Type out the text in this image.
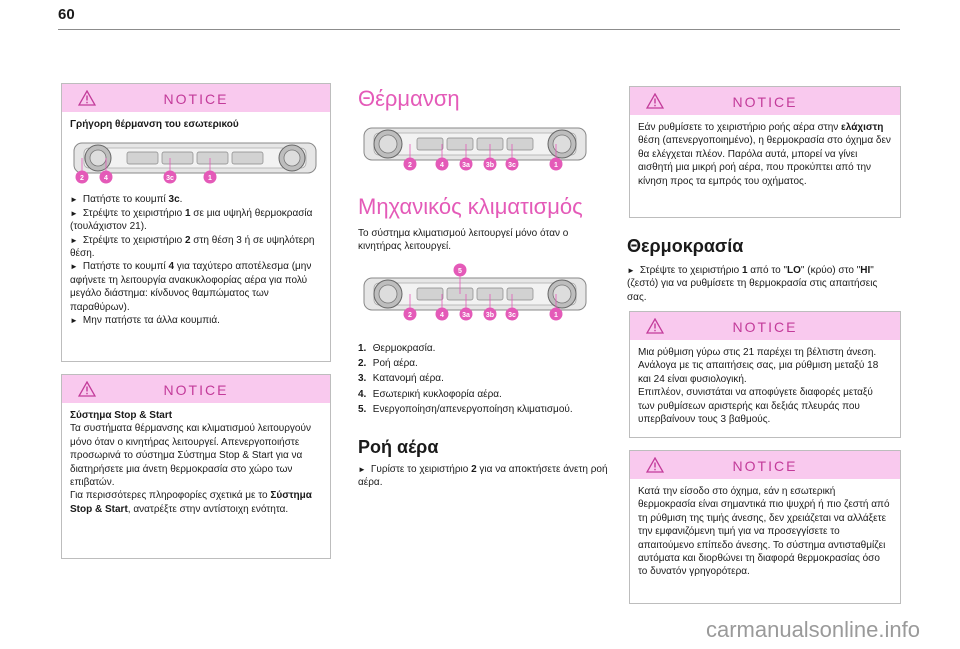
60
NOTICE

Γρήγορη θέρμανση του εσωτερικού

2	4	3c	1

► Πατήστε το κουμπί 3c.

► Στρέψτε το χειριστήριο 1 σε μια υψηλή θερμοκρασία (τουλάχιστον 21).

► Στρέψτε το χειριστήριο 2 στη θέση 3 ή σε υψηλότερη θέση.

► Πατήστε το κουμπί 4 για ταχύτερο αποτέλεσμα (μην αφήνετε τη λειτουργία ανακυκλοφορίας αέρα για πολύ μεγάλο διάστημα: κίνδυνος θαμπώματος των παραθύρων).

► Μην πατήστε τα άλλα κουμπιά.

NOTICE

Σύστημα Stop & Start

Τα συστήματα θέρμανσης και κλιματισμού λειτουργούν μόνο όταν ο κινητήρας λειτουργεί. Απενεργοποιήστε προσωρινά το σύστημα Σύστημα Stop & Start για να διατηρήσετε μια άνετη θερμοκρασία στο χώρο των επιβατών.

Για περισσότερες πληροφορίες σχετικά με το Σύστημα Stop & Start, ανατρέξτε στην αντίστοιχη ενότητα.

Θέρμανση
2	4	3a 3b 3c	1
Μηχανικός κλιματισμός
Το σύστημα κλιματισμού λειτουργεί μόνο όταν ο κινητήρας λειτουργεί.
2	4	3a 3b 3c	1
5
1. Θερμοκρασία.
2. Ροή αέρα.
3. Κατανομή αέρα.
4. Εσωτερική κυκλοφορία αέρα.
5. Ενεργοποίηση/απενεργοποίηση κλιματισμού.
Ροή αέρα
► Γυρίστε το χειριστήριο 2 για να αποκτήσετε άνετη ροή αέρα.
NOTICE

Εάν ρυθμίσετε το χειριστήριο ροής αέρα στην ελάχιστη θέση (απενεργοποιημένο), η θερμοκρασία στο όχημα δεν θα ελέγχεται πλέον. Παρόλα αυτά, μπορεί να γίνει αισθητή μια μικρή ροή αέρα, που προκύπτει από την κίνηση προς τα εμπρός του οχήματος.

Θερμοκρασία
► Στρέψτε το χειριστήριο 1 από το "LO" (κρύο) στο "HI" (ζεστό) για να ρυθμίσετε τη θερμοκρασία στις απαιτήσεις σας.
NOTICE

Μια ρύθμιση γύρω στις 21 παρέχει τη βέλτιστη άνεση. Ανάλογα με τις απαιτήσεις σας, μια ρύθμιση μεταξύ 18 και 24 είναι φυσιολογική.

Επιπλέον, συνιστάται να αποφύγετε διαφορές μεταξύ των ρυθμίσεων αριστερής και δεξιάς πλευράς που υπερβαίνουν τους 3 βαθμούς.

NOTICE

Κατά την είσοδο στο όχημα, εάν η εσωτερική θερμοκρασία είναι σημαντικά πιο ψυχρή ή πιο ζεστή από τη ρύθμιση της τιμής άνεσης, δεν χρειάζεται να αλλάξετε την εμφανιζόμενη τιμή για να προσεγγίσετε το απαιτούμενο επίπεδο άνεσης. Το σύστημα αντισταθμίζει αυτόματα και διορθώνει τη διαφορά θερμοκρασίας όσο το δυνατόν γρηγορότερα.

carmanualsonline.info
